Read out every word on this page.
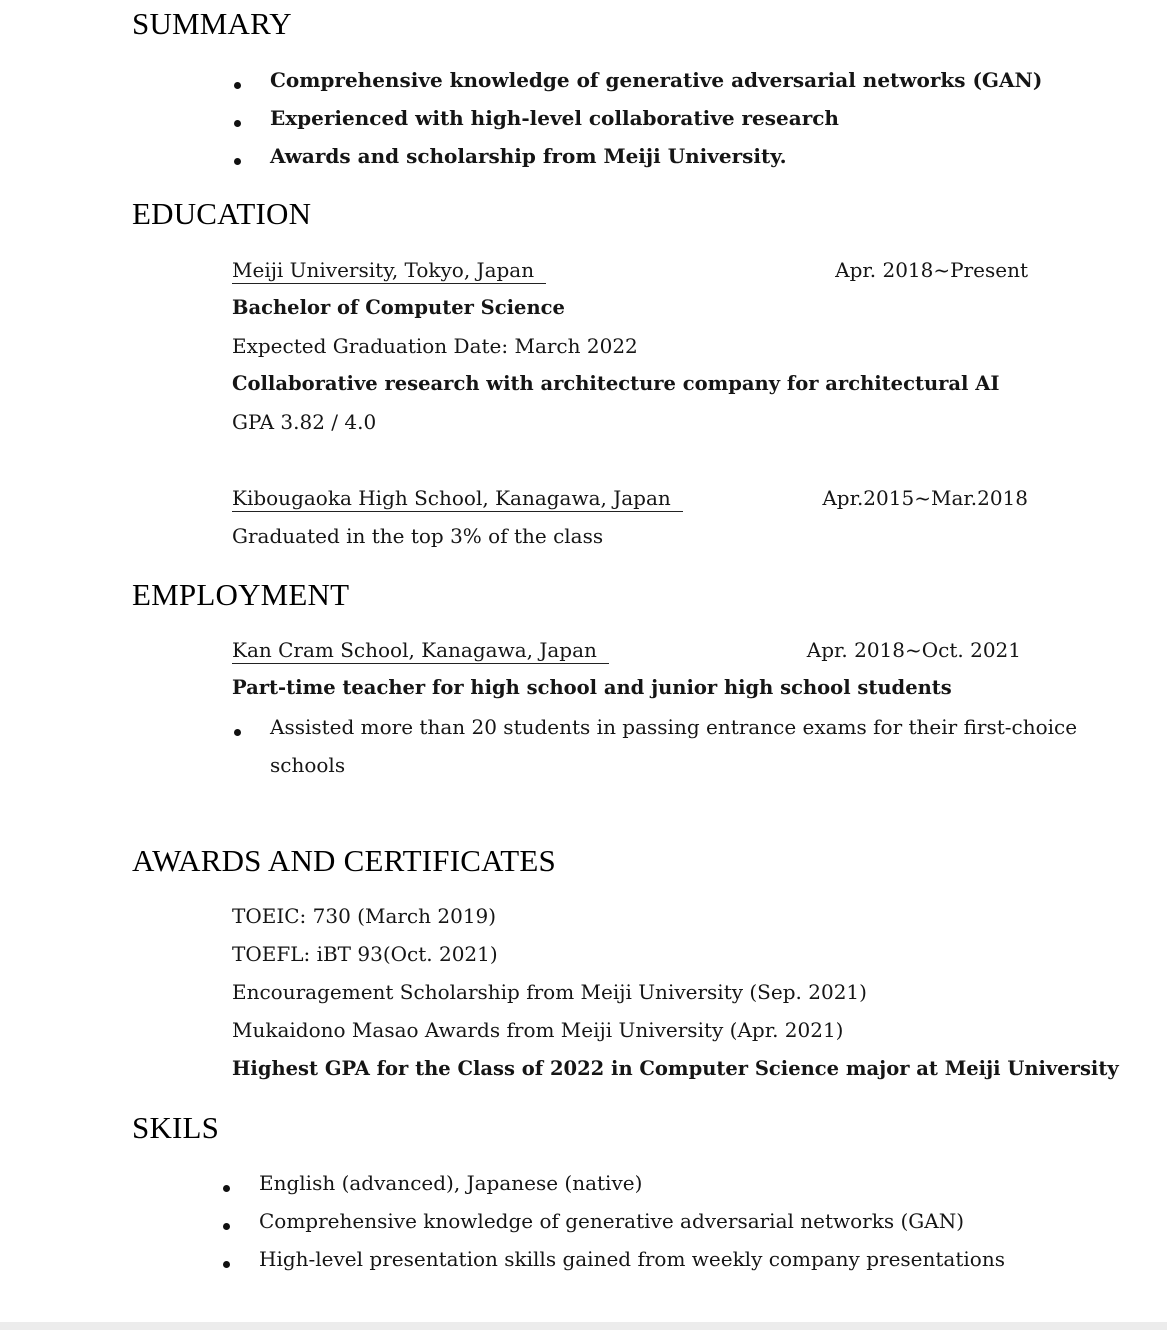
SUMMARY
Comprehensive knowledge of generative adversarial networks (GAN)
Experienced with high-level collaborative research
Awards and scholarship from Meiji University.
EDUCATION
Meiji University, Tokyo, Japan	Apr. 2018~Present
Bachelor of Computer Science
Expected Graduation Date: March 2022
Collaborative research with architecture company for architectural AI
GPA 3.82 / 4.0
Kibougaoka High School, Kanagawa, Japan	Apr.2015~Mar.2018
Graduated in the top 3% of the class
EMPLOYMENT
Kan Cram School, Kanagawa, Japan	Apr. 2018~Oct. 2021
Part-time teacher for high school and junior high school students
Assisted more than 20 students in passing entrance exams for their first-choice
schools
AWARDS AND CERTIFICATES
TOEIC: 730 (March 2019)
TOEFL: iBT 93(Oct. 2021)
Encouragement Scholarship from Meiji University (Sep. 2021)
Mukaidono Masao Awards from Meiji University (Apr. 2021)
Highest GPA for the Class of 2022 in Computer Science major at Meiji University
SKILS
English (advanced), Japanese (native)
Comprehensive knowledge of generative adversarial networks (GAN)
High-level presentation skills gained from weekly company presentations
